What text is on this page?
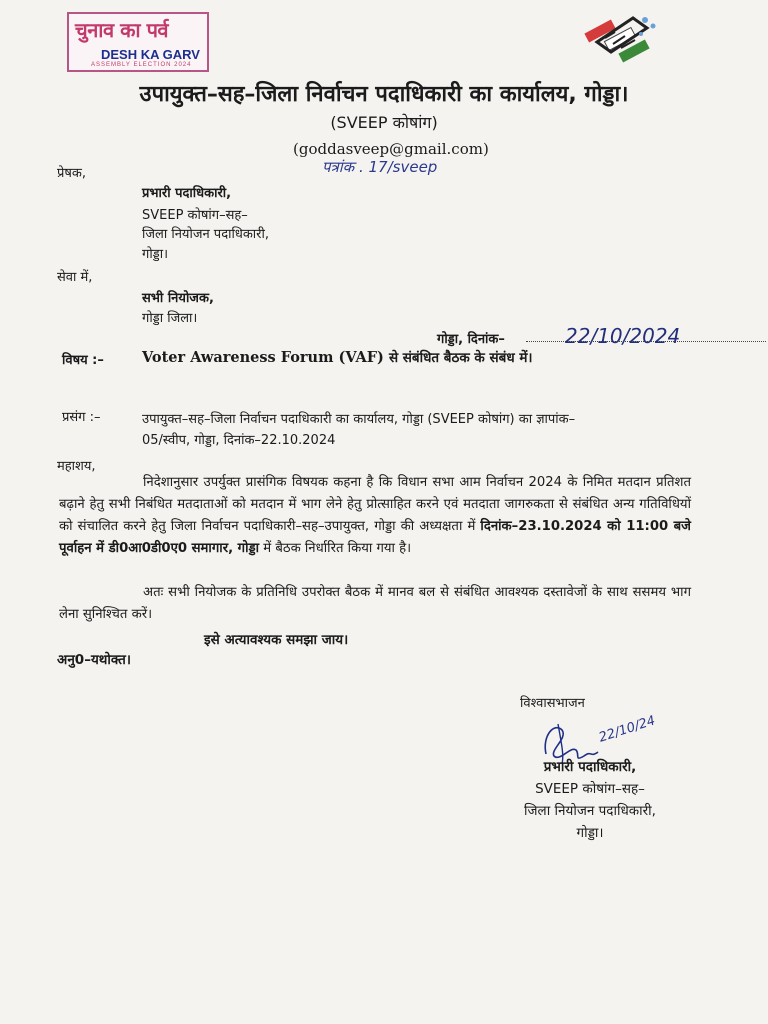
चुनाव का पर्व
DESH KA GARV
ASSEMBLY ELECTION 2024
उपायुक्त–सह–जिला निर्वाचन पदाधिकारी का कार्यालय, गोड्डा।
(SVEEP कोषांग)
(goddasveep@gmail.com)
पत्रांक . 17/sveep
प्रेषक,
प्रभारी पदाधिकारी,
SVEEP कोषांग–सह–
जिला नियोजन पदाधिकारी,
गोड्डा।
सेवा में,
सभी नियोजक,
गोड्डा जिला।
गोड्डा, दिनांक–	22/10/2024
विषय :–	Voter Awareness Forum (VAF) से संबंधित बैठक के संबंध में।
प्रसंग :–	उपायुक्त–सह–जिला निर्वाचन पदाधिकारी का कार्यालय, गोड्डा (SVEEP कोषांग) का ज्ञापांक–
05/स्वीप, गोड्डा, दिनांक–22.10.2024
महाशय,
निदेशानुसार उपर्युक्त प्रासंगिक विषयक कहना है कि विधान सभा आम निर्वाचन 2024 के निमित मतदान प्रतिशत बढ़ाने हेतु सभी निबंधित मतदाताओं को मतदान में भाग लेने हेतु प्रोत्साहित करने एवं मतदाता जागरुकता से संबंधित अन्य गतिविधियों को संचालित करने हेतु जिला निर्वाचन पदाधिकारी–सह–उपायुक्त, गोड्डा की अध्यक्षता में दिनांक–23.10.2024 को 11:00 बजे पूर्वाहन में डी0आ0डी0ए0 समागार, गोड्डा में बैठक निर्धारित किया गया है।
अतः सभी नियोजक के प्रतिनिधि उपरोक्त बैठक में मानव बल से संबंधित आवश्यक दस्तावेजों के साथ ससमय भाग लेना सुनिश्चित करें।
इसे अत्यावश्यक समझा जाय।
अनु0–यथोक्त।
विश्वासभाजन
22/10/24
प्रभारी पदाधिकारी,
SVEEP कोषांग–सह–
जिला नियोजन पदाधिकारी,
गोड्डा।
